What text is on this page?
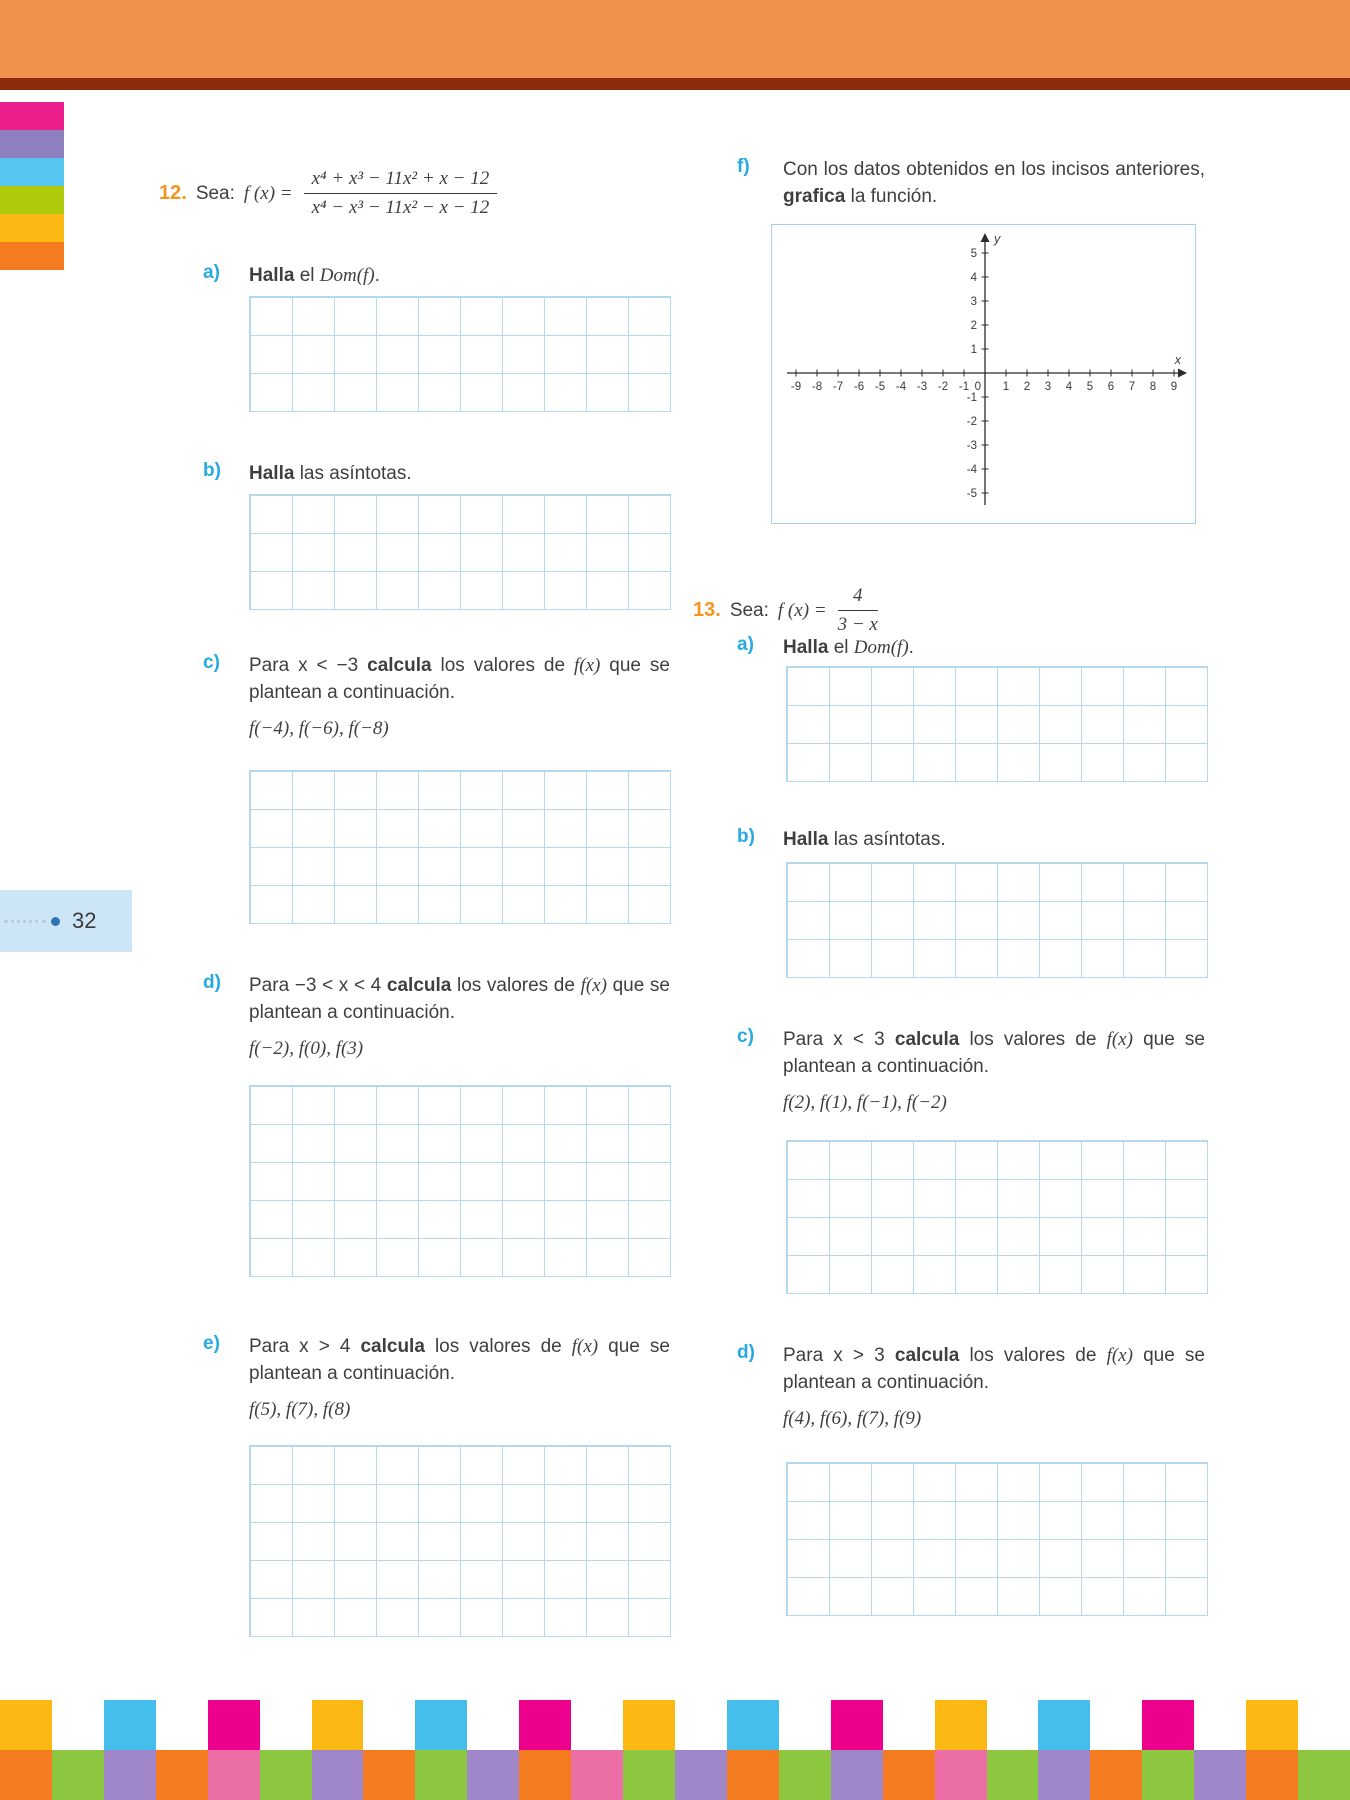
32
12. Sea: f $(x) = \frac{\text{x⁴ + x³ − 11x² + x − 12}}{\text{x⁴ − x³ − 11x² − x − 12}}$
a) Halla el Dom(f).

b) Halla las asíntotas.

c) Para x < −3 calcula los valores de f(x) que se plantean a continuación.

f(−4), f(−6), f(−8)

d) Para −3 < x < 4 calcula los valores de f(x) que se plantean a continuación.

f(−2), f(0), f(3)

e) Para x > 4 calcula los valores de f(x) que se plantean a continuación.

f(5), f(7), f(8)

f) Con los datos obtenidos en los incisos anteriores, grafica la función.

-9 -8 -7 -6 -5 -4 -3 -2 -1	1 2 3 4 5 6 7 8 9
0
-5
-4
-3
-2
-1
1
2
3
4
5
x
y
13. Sea: f $(x) = \frac{4}{3 - x}$
a) Halla el Dom(f).

b) Halla las asíntotas.

c) Para x < 3 calcula los valores de f(x) que se plantean a continuación.

f(2), f(1), f(−1), f(−2)

d) Para x > 3 calcula los valores de f(x) que se plantean a continuación.

f(4), f(6), f(7), f(9)
